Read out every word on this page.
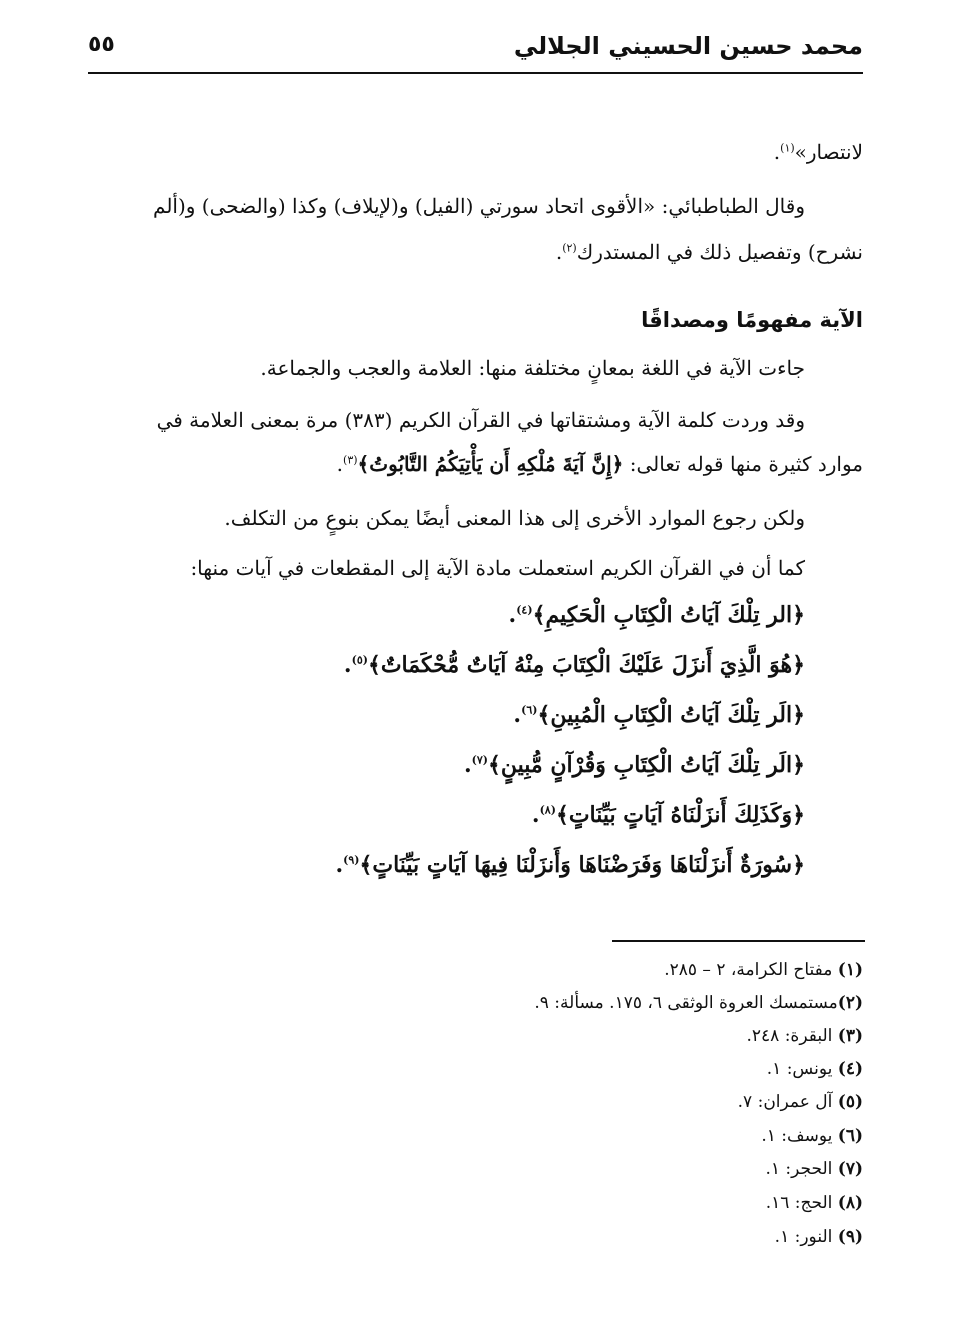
محمد حسين الحسيني الجلالي
٥٥
لانتصار»$^{(١)}$.
وقال الطباطبائي: «الأقوى اتحاد سورتي (الفيل) و(لإيلاف) وكذا (والضحى) و(ألم
نشرح) وتفصيل ذلك في المستدرك$^{(٢)}$.
الآية مفهومًا ومصداقًا
جاءت الآية في اللغة بمعانٍ مختلفة منها: العلامة والعجب والجماعة.
وقد وردت كلمة الآية ومشتقاتها في القرآن الكريم (٣٨٣) مرة بمعنى العلامة في
موارد كثيرة منها قوله تعالى: ﴿إِنَّ آيَةَ مُلْكِهِ أَن يَأْتِيَكُمُ التَّابُوتُ﴾$^{(٣)}$.
ولكن رجوع الموارد الأخرى إلى هذا المعنى أيضًا يمكن بنوعٍ من التكلف.
كما أن في القرآن الكريم استعملت مادة الآية إلى المقطعات في آيات منها:
﴿الر تِلْكَ آيَاتُ الْكِتَابِ الْحَكِيمِ﴾$^{(٤)}$.
﴿هُوَ الَّذِيَ أَنزَلَ عَلَيْكَ الْكِتَابَ مِنْهُ آيَاتٌ مُّحْكَمَاتٌ﴾$^{(٥)}$.
﴿الَر تِلْكَ آيَاتُ الْكِتَابِ الْمُبِينِ﴾$^{(٦)}$.
﴿الَر تِلْكَ آيَاتُ الْكِتَابِ وَقُرْآنٍ مُّبِينٍ﴾$^{(٧)}$.
﴿وَكَذَلِكَ أَنزَلْنَاهُ آيَاتٍ بَيِّنَاتٍ﴾$^{(٨)}$.
﴿سُورَةٌ أَنزَلْنَاهَا وَفَرَضْنَاهَا وَأَنزَلْنَا فِيهَا آيَاتٍ بَيِّنَاتٍ﴾$^{(٩)}$.
(١) مفتاح الكرامة، ٢ – ٢٨٥.
(٢)مستمسك العروة الوثقى ٦، ١٧٥. مسألة: ٩.
(٣) البقرة: ٢٤٨.
(٤) يونس: ١.
(٥) آل عمران: ٧.
(٦) يوسف: ١.
(٧) الحجر: ١.
(٨) الحج: ١٦.
(٩) النور: ١.
